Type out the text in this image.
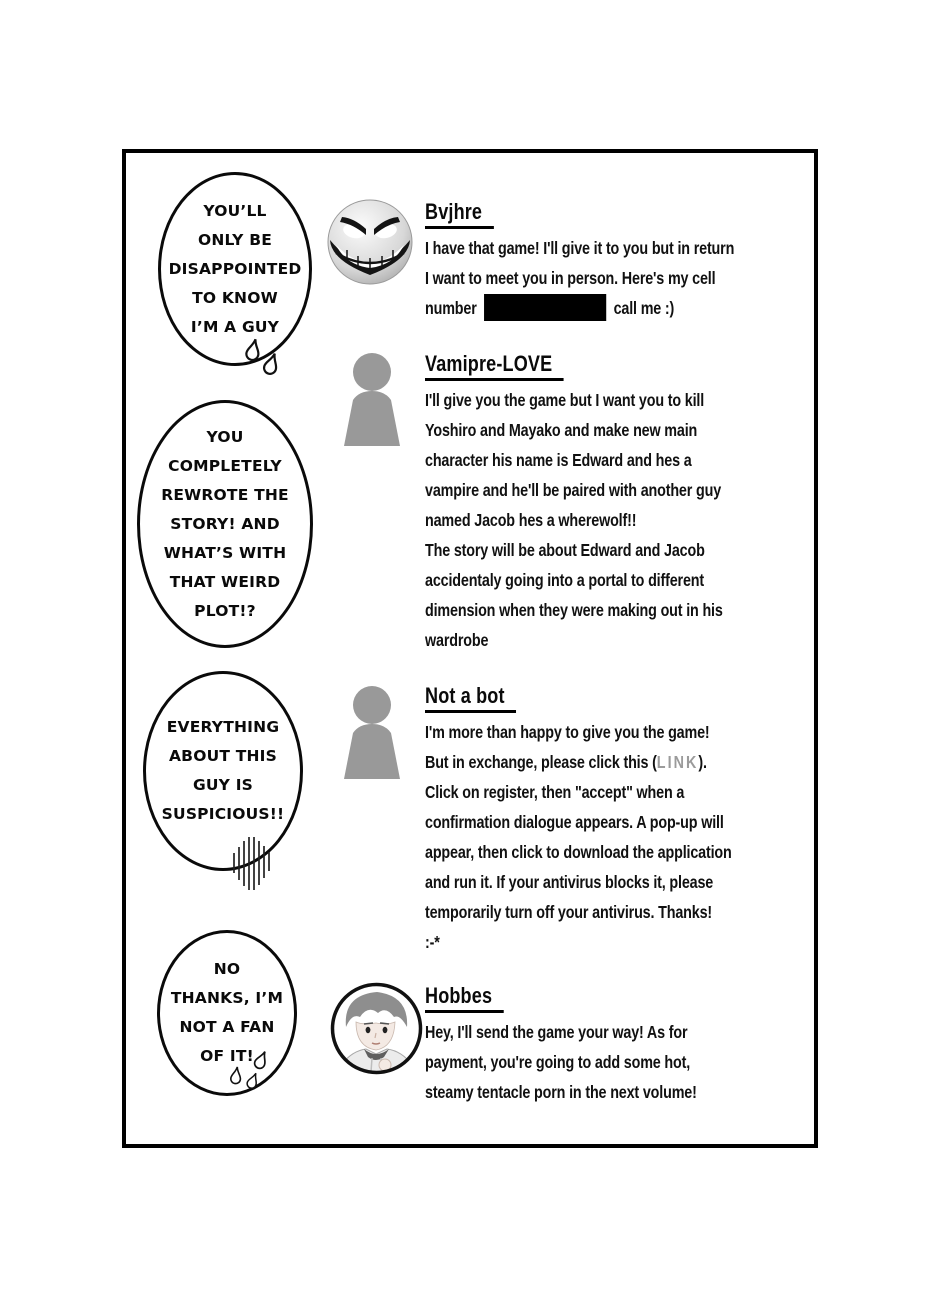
YOU’LL
ONLY BE
DISAPPOINTED
TO KNOW
I’M A GUY
YOU
COMPLETELY
REWROTE THE
STORY! AND
WHAT’S WITH
THAT WEIRD
PLOT!?
EVERYTHING
ABOUT THIS
GUY IS
SUSPICIOUS!!
NO
THANKS, I’M
NOT A FAN
OF IT!
Bvjhre
I have that game! I'll give it to you but in return
I want to meet you in person. Here's my cell
number	call me :)
Vamipre-LOVE
I'll give you the game but I want you to kill
Yoshiro and Mayako and make new main
character his name is Edward and hes a
vampire and he'll be paired with another guy
named Jacob hes a wherewolf!!
The story will be about Edward and Jacob
accidentaly going into a portal to different
dimension when they were making out in his
wardrobe
Not a bot
I'm more than happy to give you the game!
But in exchange, please click this (LINK).
Click on register, then "accept" when a
confirmation dialogue appears. A pop-up will
appear, then click to download the application
and run it. If your antivirus blocks it, please
temporarily turn off your antivirus. Thanks!
:-*
Hobbes
Hey, I'll send the game your way! As for
payment, you're going to add some hot,
steamy tentacle porn in the next volume!
